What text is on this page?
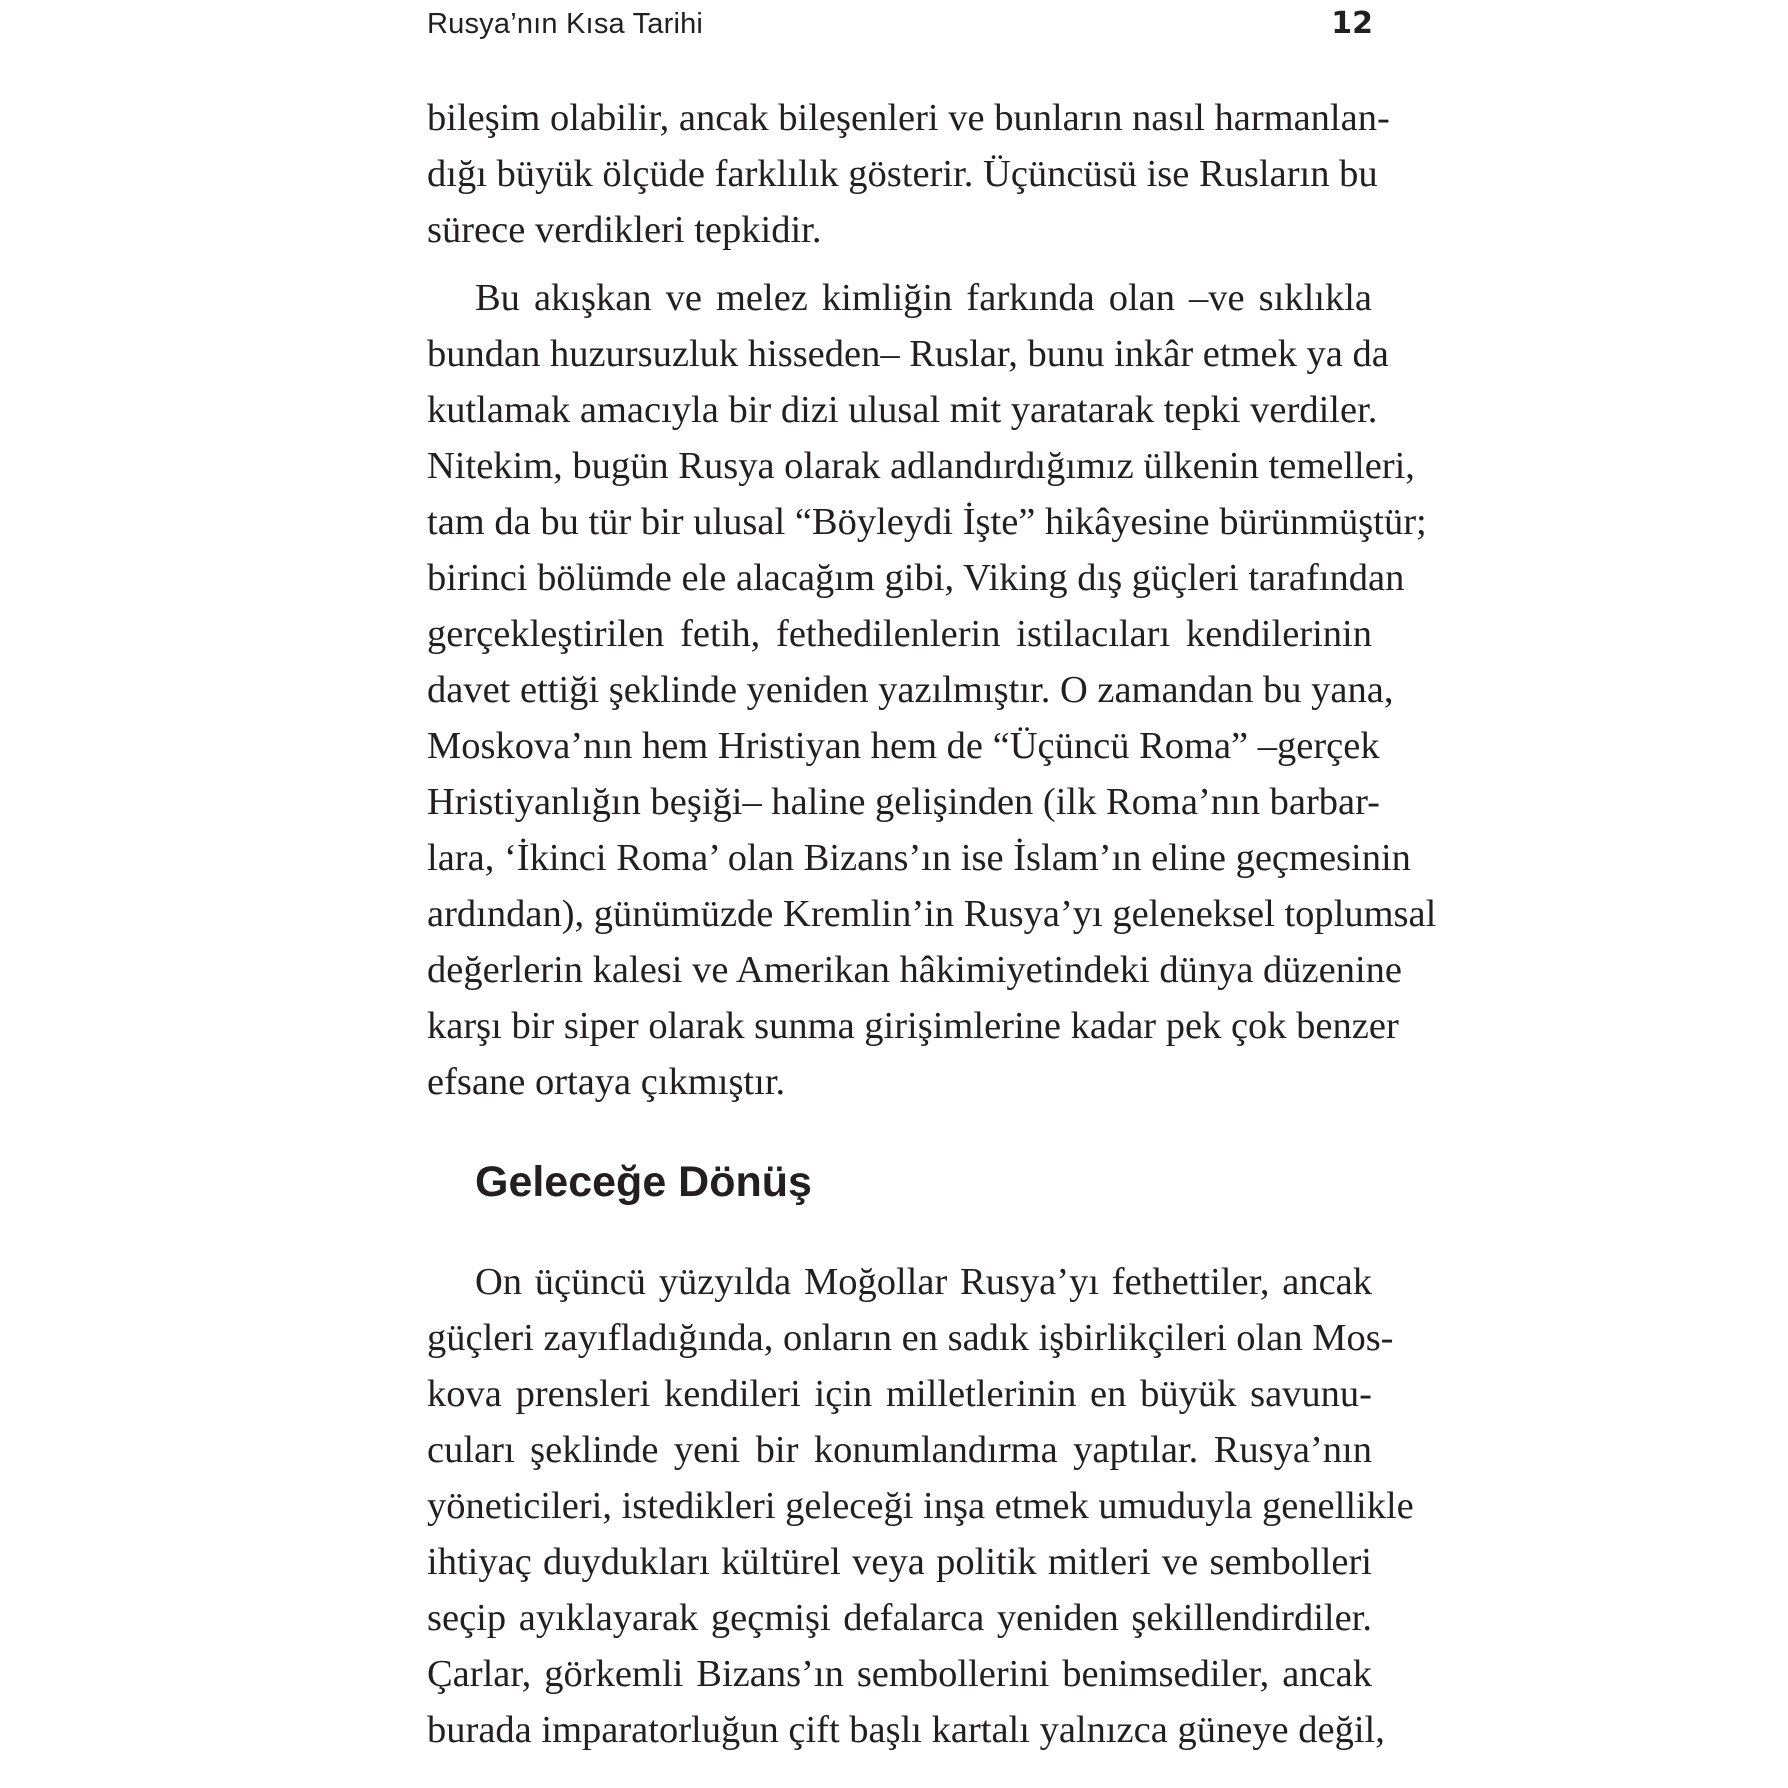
Rusya’nın Kısa Tarihi	12
bileşim olabilir, ancak bileşenleri ve bunların nasıl harmanlan-
dığı büyük ölçüde farklılık gösterir. Üçüncüsü ise Rusların bu
sürece verdikleri tepkidir.
Bu akışkan ve melez kimliğin farkında olan –ve sıklıkla
bundan huzursuzluk hisseden– Ruslar, bunu inkâr etmek ya da
kutlamak amacıyla bir dizi ulusal mit yaratarak tepki verdiler.
Nitekim, bugün Rusya olarak adlandırdığımız ülkenin temelleri,
tam da bu tür bir ulusal “Böyleydi İşte” hikâyesine bürünmüştür;
birinci bölümde ele alacağım gibi, Viking dış güçleri tarafından
gerçekleştirilen fetih, fethedilenlerin istilacıları kendilerinin
davet ettiği şeklinde yeniden yazılmıştır. O zamandan bu yana,
Moskova’nın hem Hristiyan hem de “Üçüncü Roma” –gerçek
Hristiyanlığın beşiği– haline gelişinden (ilk Roma’nın barbar-
lara, ‘İkinci Roma’ olan Bizans’ın ise İslam’ın eline geçmesinin
ardından), günümüzde Kremlin’in Rusya’yı geleneksel toplumsal
değerlerin kalesi ve Amerikan hâkimiyetindeki dünya düzenine
karşı bir siper olarak sunma girişimlerine kadar pek çok benzer
efsane ortaya çıkmıştır.
Geleceğe Dönüş
On üçüncü yüzyılda Moğollar Rusya’yı fethettiler, ancak
güçleri zayıfladığında, onların en sadık işbirlikçileri olan Mos-
kova prensleri kendileri için milletlerinin en büyük savunu-
cuları şeklinde yeni bir konumlandırma yaptılar. Rusya’nın
yöneticileri, istedikleri geleceği inşa etmek umuduyla genellikle
ihtiyaç duydukları kültürel veya politik mitleri ve sembolleri
seçip ayıklayarak geçmişi defalarca yeniden şekillendirdiler.
Çarlar, görkemli Bizans’ın sembollerini benimsediler, ancak
burada imparatorluğun çift başlı kartalı yalnızca güneye değil,
